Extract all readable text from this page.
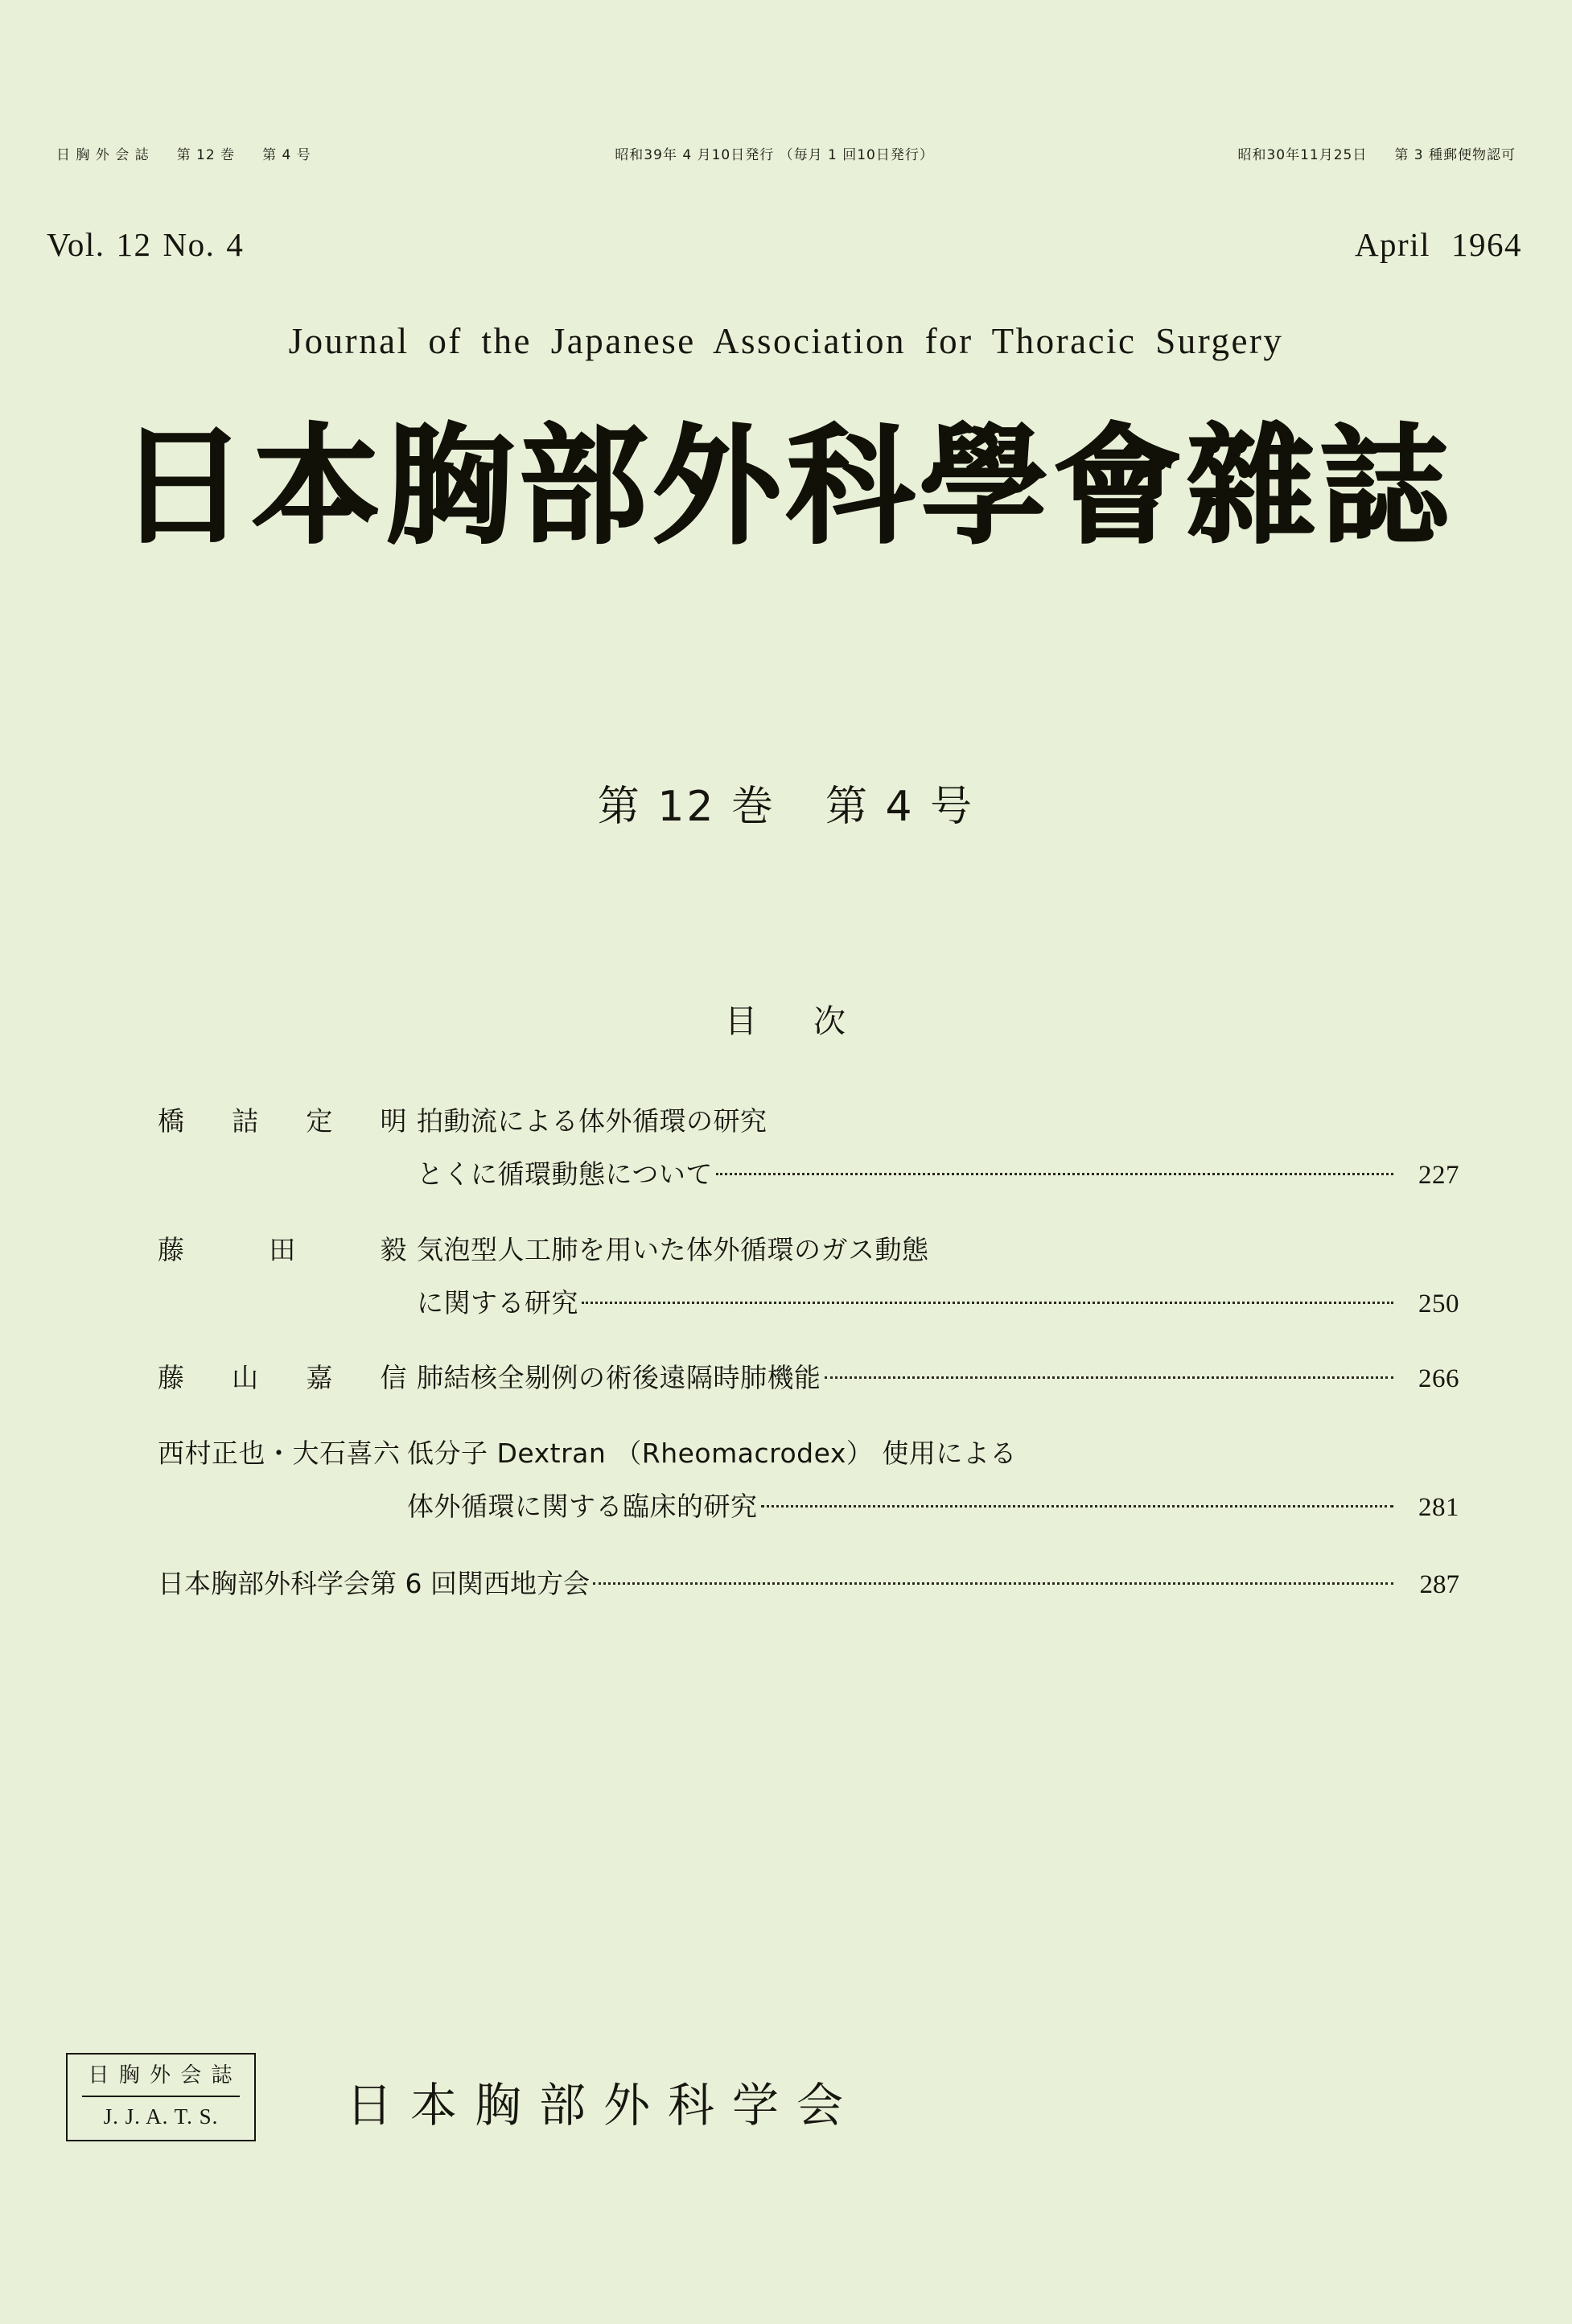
日 胸 外 会 誌 第 12 巻 第 4 号	昭和39年 4 月10日発行 （毎月 1 回10日発行）	昭和30年11月25日 第 3 種郵便物認可
Vol. 12 No. 4	April 1964
Journal of the Japanese Association for Thoracic Surgery
日本胸部外科學會雜誌
第 12 巻 第 4 号
目 次
橋 詰 定 明 拍動流による体外循環の研究
とくに循環動態について	227
藤	田	毅 気泡型人工肺を用いた体外循環のガス動態
に関する研究	250
藤 山 嘉 信 肺結核全剔例の術後遠隔時肺機能	266
西村正也・大石喜六 低分子 Dextran （Rheomacrodex） 使用による
体外循環に関する臨床的研究	281
日本胸部外科学会第 6 回関西地方会	287
日 胸 外 会 誌
J. J. A. T. S.	日本胸部外科学会
